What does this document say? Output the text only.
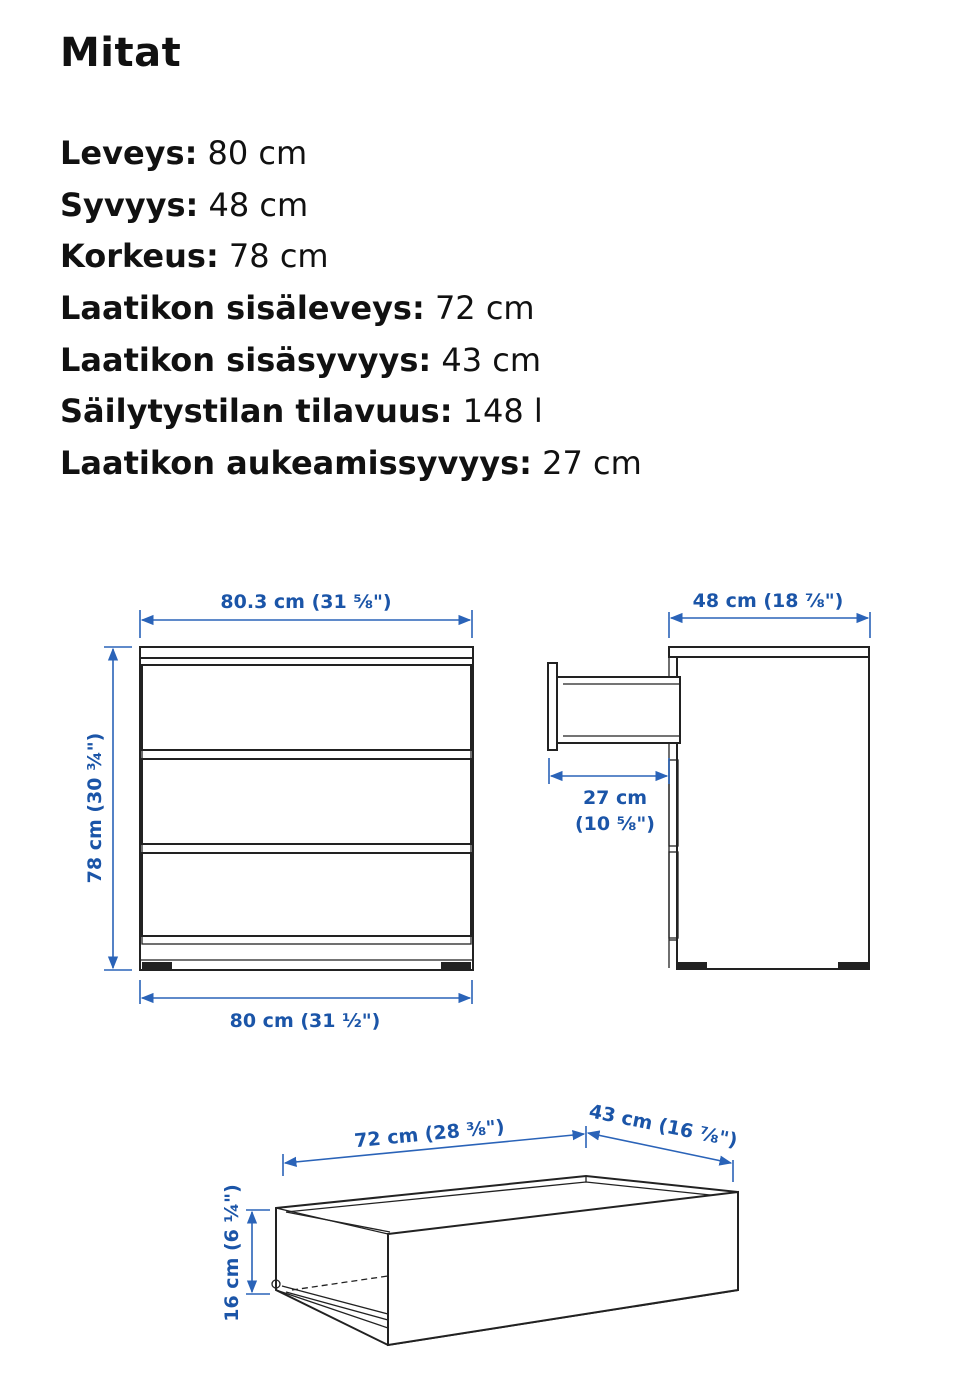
Mitat
Leveys: 80 cm
Syvyys: 48 cm
Korkeus: 78 cm
Laatikon sisäleveys: 72 cm
Laatikon sisäsyvyys: 43 cm
Säilytystilan tilavuus: 148 l
Laatikon aukeamissyvyys: 27 cm
80.3 cm (31 ⅝")
78 cm (30 ¾")
80 cm (31 ½")
48 cm (18 ⅞")
27 cm
(10 ⅝")
72 cm (28 ⅜")	43 cm (16 ⅞")
16 cm (6 ¼")
